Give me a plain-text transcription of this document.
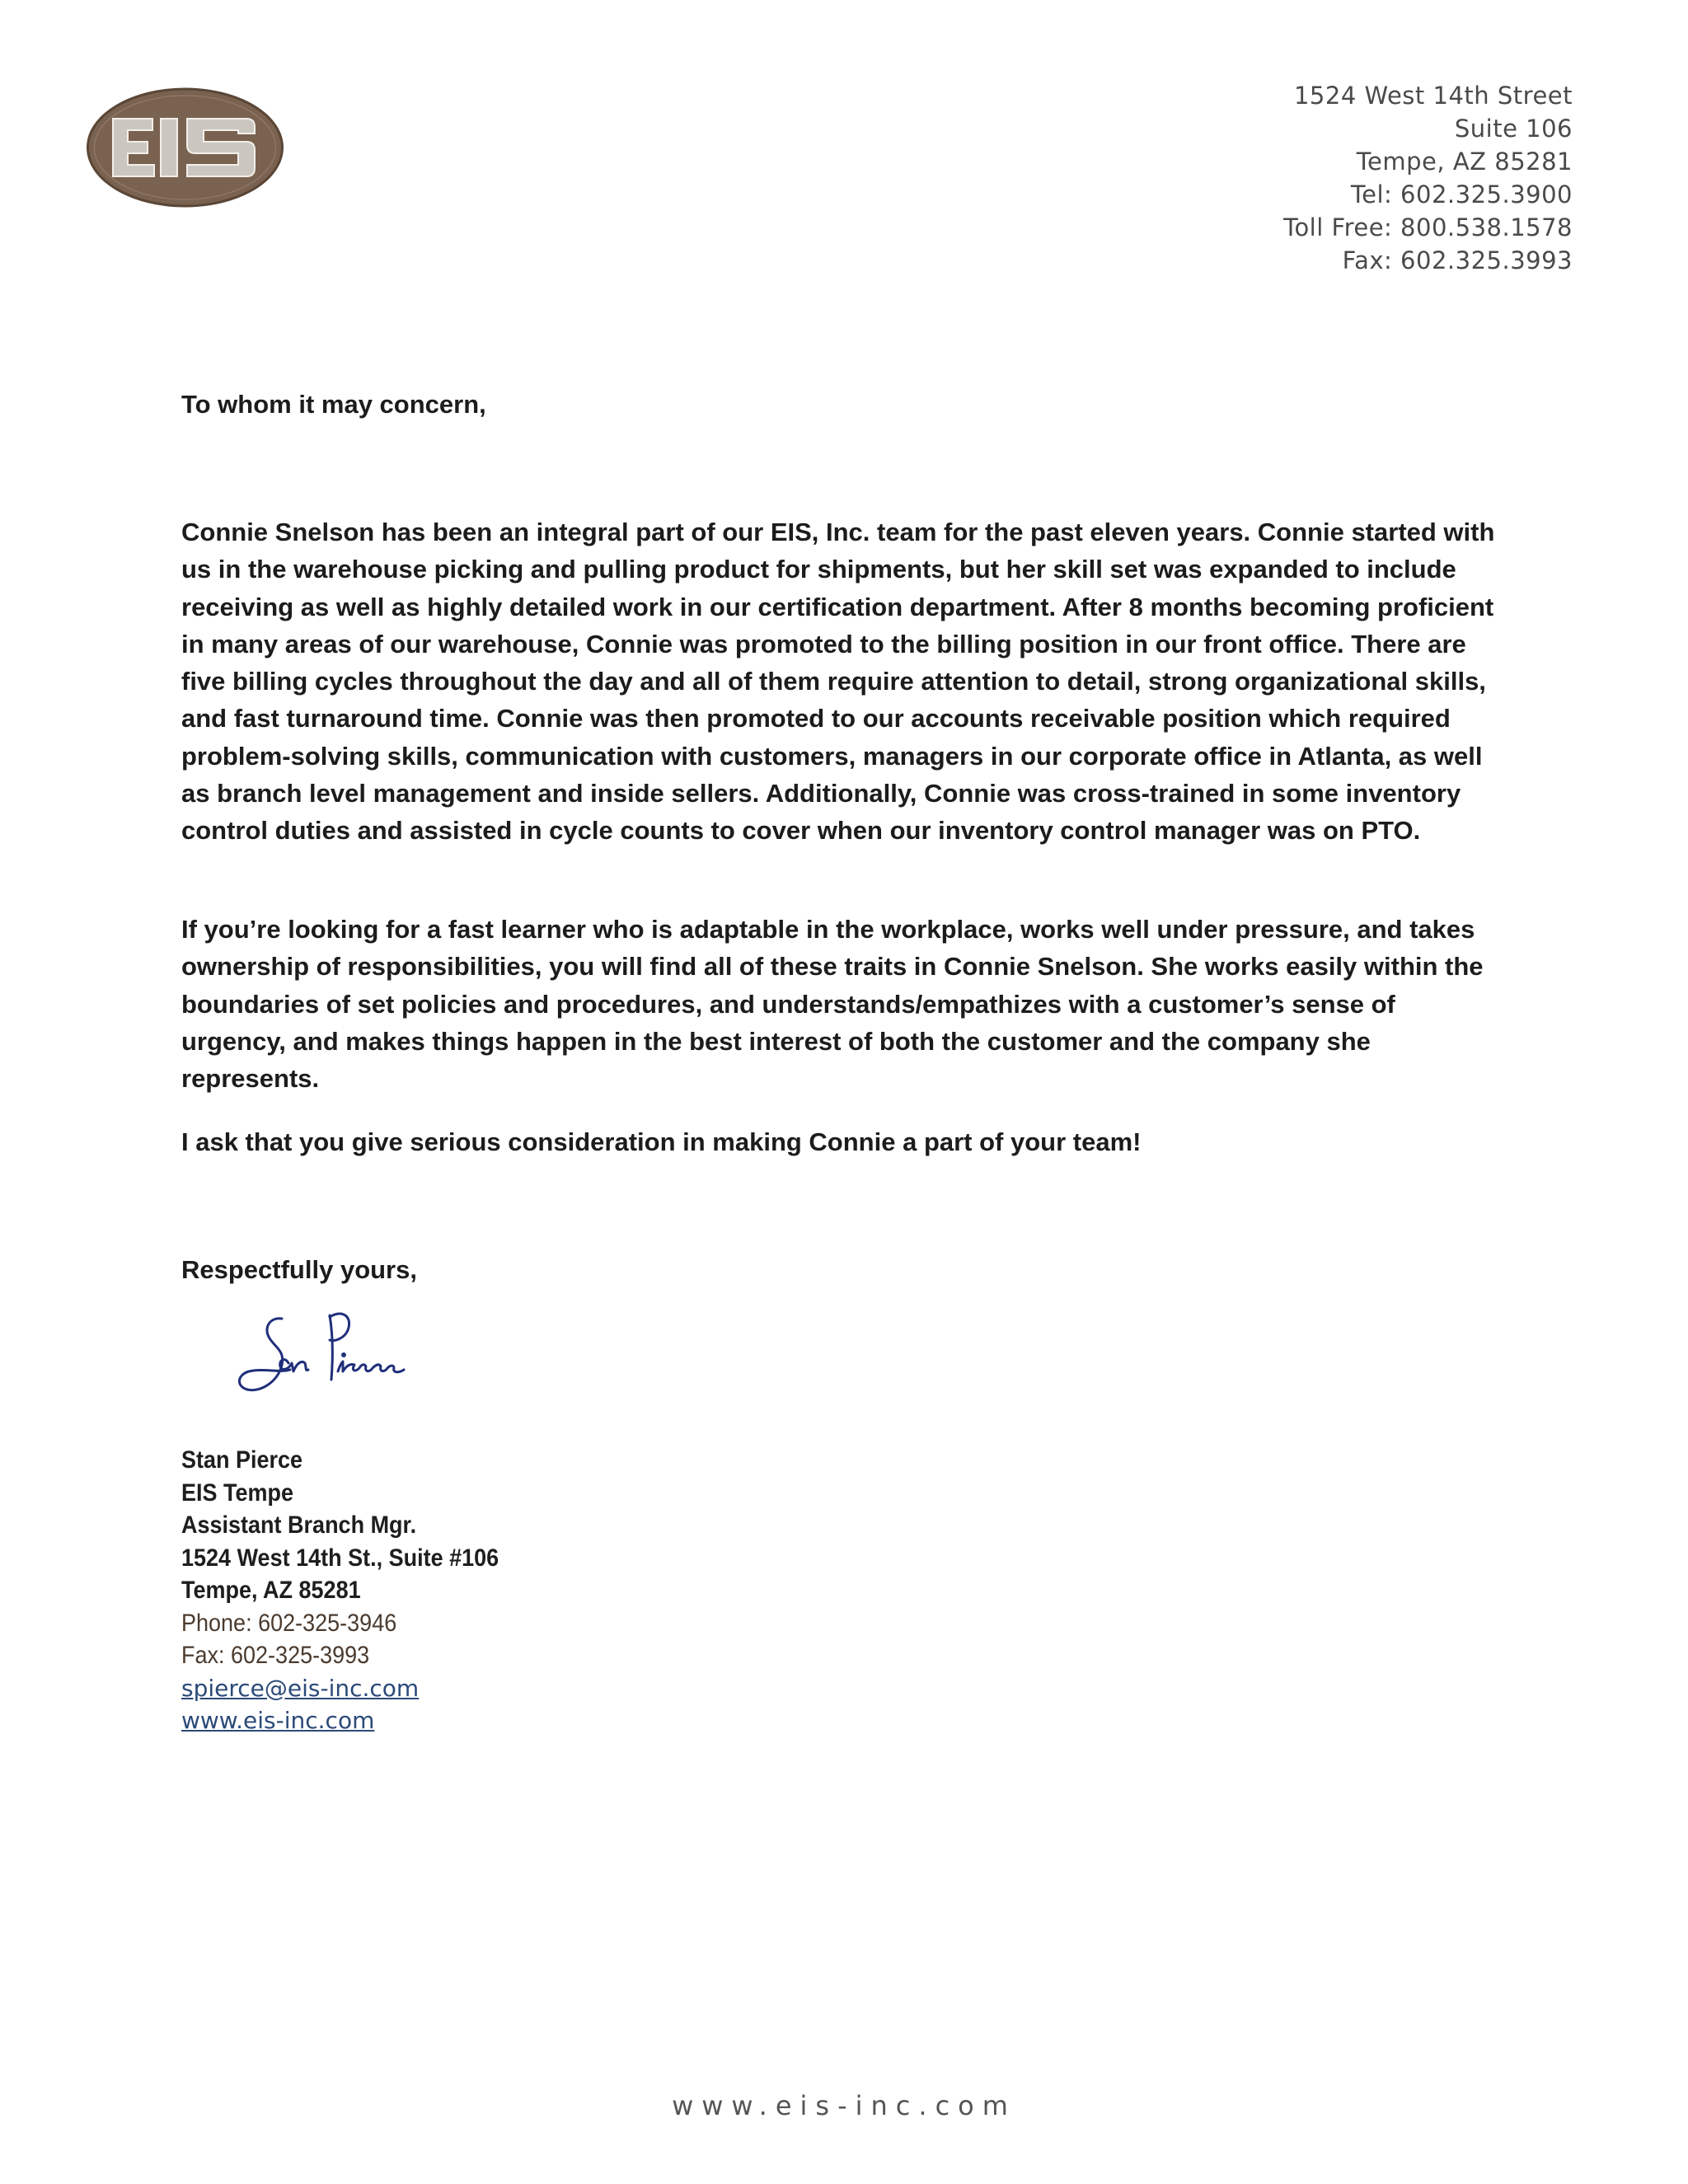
1524 West 14th Street
Suite 106
Tempe, AZ 85281
Tel: 602.325.3900
Toll Free: 800.538.1578
Fax: 602.325.3993
To whom it may concern,

Connie Snelson has been an integral part of our EIS, Inc. team for the past eleven years. Connie started with us in the warehouse picking and pulling product for shipments, but her skill set was expanded to include receiving as well as highly detailed work in our certification department. After 8 months becoming proficient in many areas of our warehouse, Connie was promoted to the billing position in our front office. There are five billing cycles throughout the day and all of them require attention to detail, strong organizational skills, and fast turnaround time. Connie was then promoted to our accounts receivable position which required problem-solving skills, communication with customers, managers in our corporate office in Atlanta, as well as branch level management and inside sellers. Additionally, Connie was cross-trained in some inventory control duties and assisted in cycle counts to cover when our inventory control manager was on PTO.

If you’re looking for a fast learner who is adaptable in the workplace, works well under pressure, and takes ownership of responsibilities, you will find all of these traits in Connie Snelson. She works easily within the boundaries of set policies and procedures, and understands/empathizes with a customer’s sense of urgency, and makes things happen in the best interest of both the customer and the company she represents.

I ask that you give serious consideration in making Connie a part of your team!

Respectfully yours,
Stan Pierce
EIS Tempe
Assistant Branch Mgr.
1524 West 14th St., Suite #106
Tempe, AZ 85281
Phone: 602-325-3946
Fax: 602-325-3993
spierce@eis-inc.com
www.eis-inc.com
www.eis-inc.com
